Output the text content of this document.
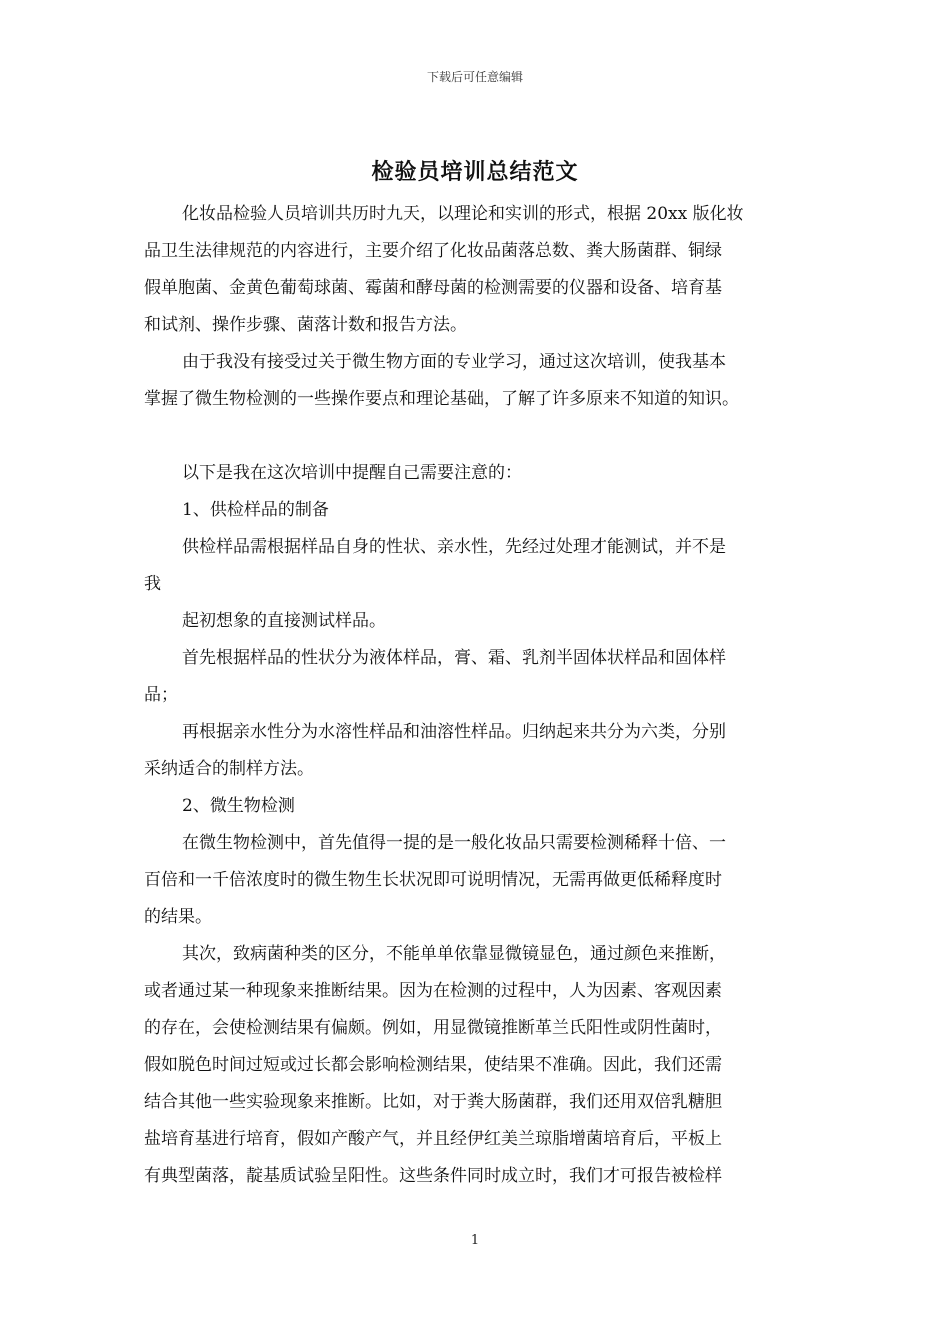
下载后可任意编辑
检验员培训总结范文
化妆品检验人员培训共历时九天，以理论和实训的形式，根据 20xx 版化妆
品卫生法律规范的内容进行，主要介绍了化妆品菌落总数、粪大肠菌群、铜绿
假单胞菌、金黄色葡萄球菌、霉菌和酵母菌的检测需要的仪器和设备、培育基
和试剂、操作步骤、菌落计数和报告方法。
由于我没有接受过关于微生物方面的专业学习，通过这次培训，使我基本
掌握了微生物检测的一些操作要点和理论基础，了解了许多原来不知道的知识。
以下是我在这次培训中提醒自己需要注意的：
1、供检样品的制备
供检样品需根据样品自身的性状、亲水性，先经过处理才能测试，并不是
我
起初想象的直接测试样品。
首先根据样品的性状分为液体样品，膏、霜、乳剂半固体状样品和固体样
品；
再根据亲水性分为水溶性样品和油溶性样品。归纳起来共分为六类，分别
采纳适合的制样方法。
2、微生物检测
在微生物检测中，首先值得一提的是一般化妆品只需要检测稀释十倍、一
百倍和一千倍浓度时的微生物生长状况即可说明情况，无需再做更低稀释度时
的结果。
其次，致病菌种类的区分，不能单单依靠显微镜显色，通过颜色来推断，
或者通过某一种现象来推断结果。因为在检测的过程中，人为因素、客观因素
的存在，会使检测结果有偏颇。例如，用显微镜推断革兰氏阳性或阴性菌时，
假如脱色时间过短或过长都会影响检测结果，使结果不准确。因此，我们还需
结合其他一些实验现象来推断。比如，对于粪大肠菌群，我们还用双倍乳糖胆
盐培育基进行培育，假如产酸产气，并且经伊红美兰琼脂增菌培育后，平板上
有典型菌落，靛基质试验呈阳性。这些条件同时成立时，我们才可报告被检样
1
